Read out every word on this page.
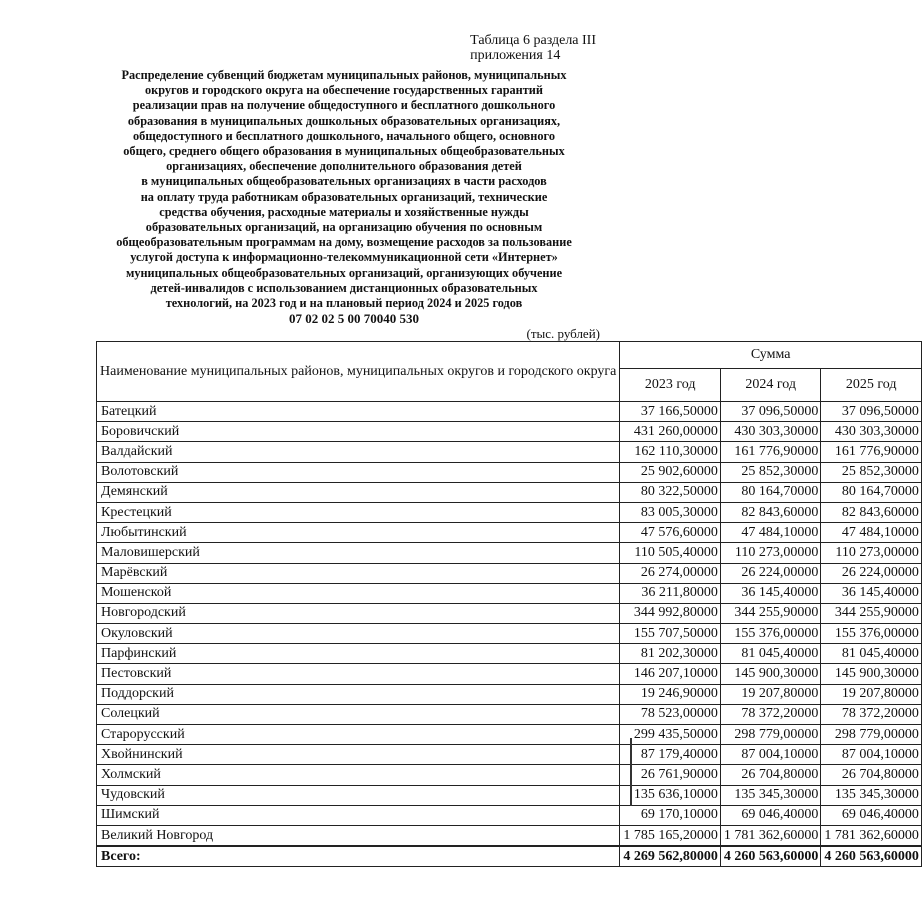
Таблица 6 раздела III
приложения 14
Распределение субвенций бюджетам муниципальных районов, муниципальных
округов и городского округа на обеспечение государственных гарантий
реализации прав на получение общедоступного и бесплатного дошкольного
образования в муниципальных дошкольных образовательных организациях,
общедоступного и бесплатного дошкольного, начального общего, основного
общего, среднего общего образования в муниципальных общеобразовательных
организациях, обеспечение дополнительного образования детей
в муниципальных общеобразовательных организациях в части расходов
на оплату труда работникам образовательных организаций, технические
средства обучения, расходные материалы и хозяйственные нужды
образовательных организаций, на организацию обучения по основным
общеобразовательным программам на дому, возмещение расходов за пользование
услугой доступа к информационно-телекоммуникационной сети «Интернет»
муниципальных общеобразовательных организаций, организующих обучение
детей-инвалидов с использованием дистанционных образовательных
технологий, на 2023 год и на плановый период 2024 и 2025 годов
07 02 02 5 00 70040 530
(тыс. рублей)
Наименование муниципальных районов, муниципальных округов и городского округа	Сумма		
	2023 год	2024 год	2025 год
Батецкий	37 166,50000	37 096,50000	37 096,50000
Боровичский	431 260,00000	430 303,30000	430 303,30000
Валдайский	162 110,30000	161 776,90000	161 776,90000
Волотовский	25 902,60000	25 852,30000	25 852,30000
Демянский	80 322,50000	80 164,70000	80 164,70000
Крестецкий	83 005,30000	82 843,60000	82 843,60000
Любытинский	47 576,60000	47 484,10000	47 484,10000
Маловишерский	110 505,40000	110 273,00000	110 273,00000
Марёвский	26 274,00000	26 224,00000	26 224,00000
Мошенской	36 211,80000	36 145,40000	36 145,40000
Новгородский	344 992,80000	344 255,90000	344 255,90000
Окуловский	155 707,50000	155 376,00000	155 376,00000
Парфинский	81 202,30000	81 045,40000	81 045,40000
Пестовский	146 207,10000	145 900,30000	145 900,30000
Поддорский	19 246,90000	19 207,80000	19 207,80000
Солецкий	78 523,00000	78 372,20000	78 372,20000
Старорусский	299 435,50000	298 779,00000	298 779,00000
Хвойнинский	87 179,40000	87 004,10000	87 004,10000
Холмский	26 761,90000	26 704,80000	26 704,80000
Чудовский	135 636,10000	135 345,30000	135 345,30000
Шимский	69 170,10000	69 046,40000	69 046,40000
Великий Новгород	1 785 165,20000	1 781 362,60000	1 781 362,60000
Всего:	4 269 562,80000	4 260 563,60000	4 260 563,60000
